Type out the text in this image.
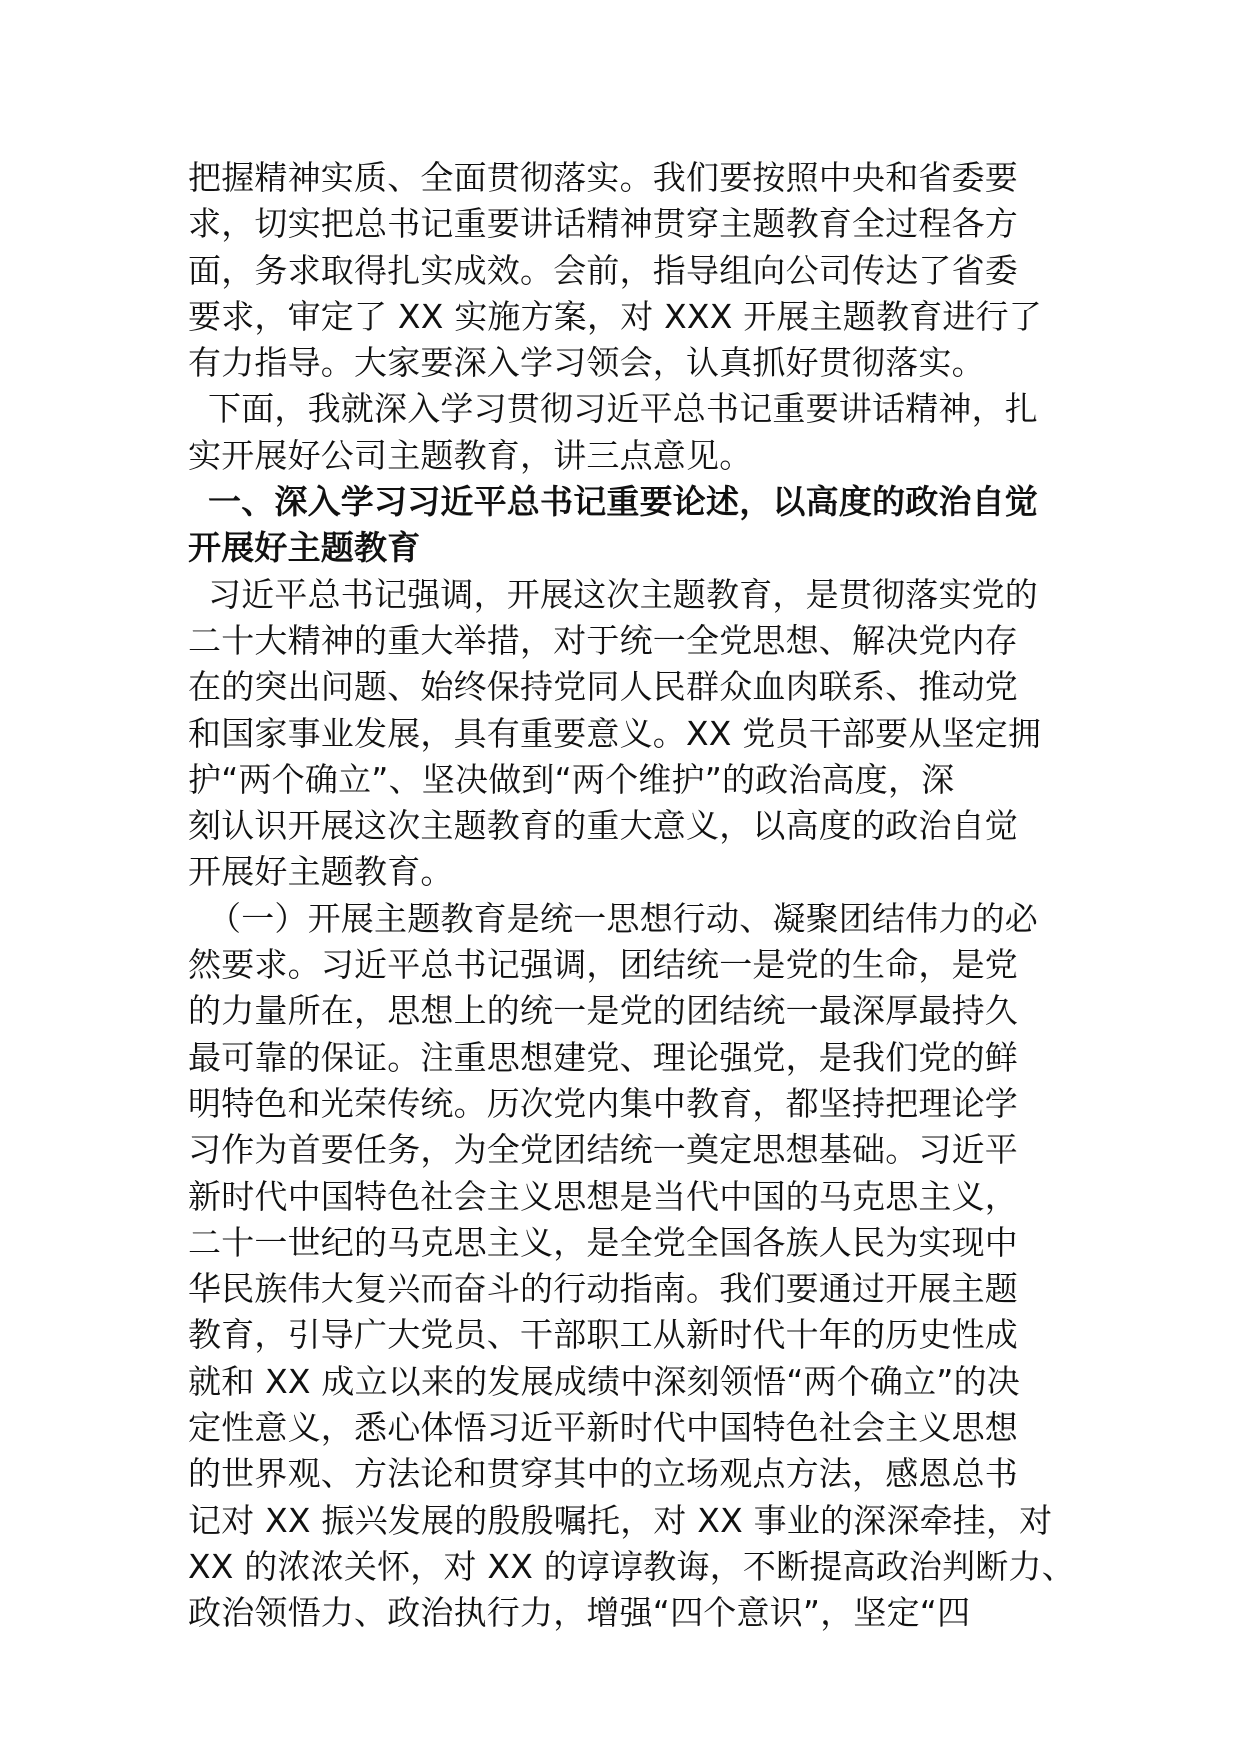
把握精神实质、全面贯彻落实。我们要按照中央和省委要
求，切实把总书记重要讲话精神贯穿主题教育全过程各方
面，务求取得扎实成效。会前，指导组向公司传达了省委
要求，审定了 XX 实施方案，对 XXX 开展主题教育进行了
有力指导。大家要深入学习领会，认真抓好贯彻落实。
下面，我就深入学习贯彻习近平总书记重要讲话精神，扎
实开展好公司主题教育，讲三点意见。
一、深入学习习近平总书记重要论述，以高度的政治自觉
开展好主题教育
习近平总书记强调，开展这次主题教育，是贯彻落实党的
二十大精神的重大举措，对于统一全党思想、解决党内存
在的突出问题、始终保持党同人民群众血肉联系、推动党
和国家事业发展，具有重要意义。XX 党员干部要从坚定拥
护“两个确立”、坚决做到“两个维护”的政治高度，深
刻认识开展这次主题教育的重大意义，以高度的政治自觉
开展好主题教育。
（一）开展主题教育是统一思想行动、凝聚团结伟力的必
然要求。习近平总书记强调，团结统一是党的生命，是党
的力量所在，思想上的统一是党的团结统一最深厚最持久
最可靠的保证。注重思想建党、理论强党，是我们党的鲜
明特色和光荣传统。历次党内集中教育，都坚持把理论学
习作为首要任务，为全党团结统一奠定思想基础。习近平
新时代中国特色社会主义思想是当代中国的马克思主义，
二十一世纪的马克思主义，是全党全国各族人民为实现中
华民族伟大复兴而奋斗的行动指南。我们要通过开展主题
教育，引导广大党员、干部职工从新时代十年的历史性成
就和 XX 成立以来的发展成绩中深刻领悟“两个确立”的决
定性意义，悉心体悟习近平新时代中国特色社会主义思想
的世界观、方法论和贯穿其中的立场观点方法，感恩总书
记对 XX 振兴发展的殷殷嘱托，对 XX 事业的深深牵挂，对
XX 的浓浓关怀，对 XX 的谆谆教诲，不断提高政治判断力、
政治领悟力、政治执行力，增强“四个意识”，坚定“四
